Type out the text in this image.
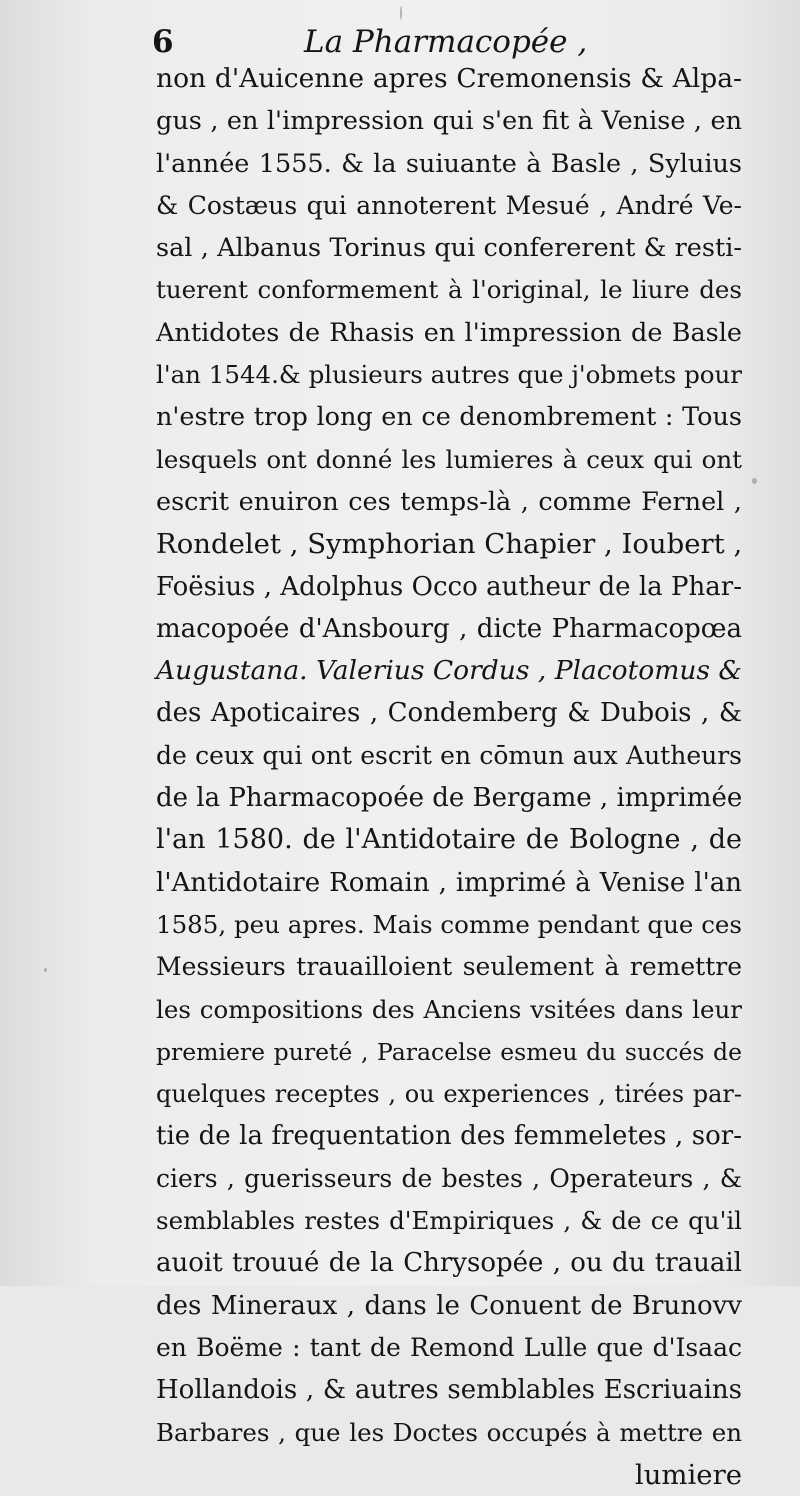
6	La Pharmacopée ,
non d'Auicenne apres Cremonensis & Alpa-
gus , en l'impression qui s'en fit à Venise , en
l'année 1555. & la suiuante à Basle , Syluius
& Costæus qui annoterent Mesué , André Ve-
sal , Albanus Torinus qui confererent & resti-
tuerent conformement à l'original, le liure des
Antidotes de Rhasis en l'impression de Basle
l'an 1544.& plusieurs autres que j'obmets pour
n'estre trop long en ce denombrement : Tous
lesquels ont donné les lumieres à ceux qui ont
escrit enuiron ces temps-là , comme Fernel ,
Rondelet , Symphorian Chapier , Ioubert ,
Foësius , Adolphus Occo autheur de la Phar-
macopoée d'Ansbourg , dicte Pharmacopœa
Augustana. Valerius Cordus , Placotomus &
des Apoticaires , Condemberg & Dubois , &
de ceux qui ont escrit en cōmun aux Autheurs
de la Pharmacopoée de Bergame , imprimée
l'an 1580. de l'Antidotaire de Bologne , de
l'Antidotaire Romain , imprimé à Venise l'an
1585, peu apres. Mais comme pendant que ces
Messieurs trauailloient seulement à remettre
les compositions des Anciens vsitées dans leur
premiere pureté , Paracelse esmeu du succés de
quelques receptes , ou experiences , tirées par-
tie de la frequentation des femmeletes , sor-
ciers , guerisseurs de bestes , Operateurs , &
semblables restes d'Empiriques , & de ce qu'il
auoit trouué de la Chrysopée , ou du trauail
des Mineraux , dans le Conuent de Brunovv
en Boëme : tant de Remond Lulle que d'Isaac
Hollandois , & autres semblables Escriuains
Barbares , que les Doctes occupés à mettre en
lumiere
